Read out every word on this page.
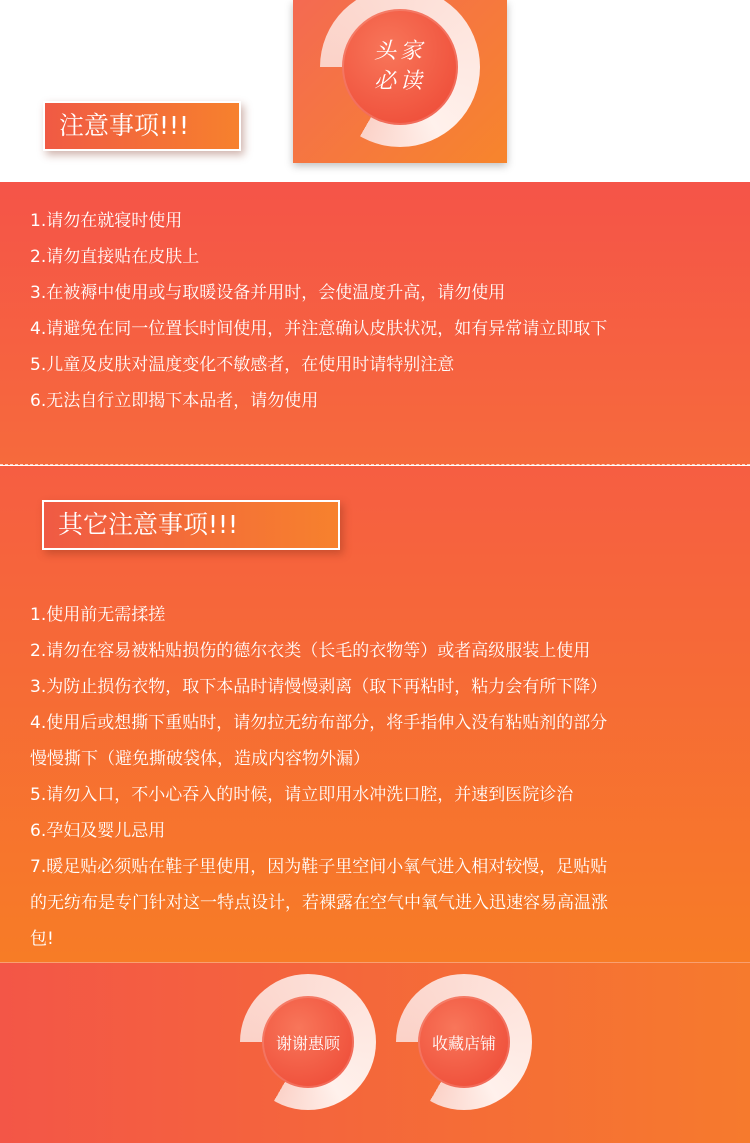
头家
必读
注意事项!!!
1.请勿在就寝时使用
2.请勿直接贴在皮肤上
3.在被褥中使用或与取暖设备并用时，会使温度升高，请勿使用
4.请避免在同一位置长时间使用，并注意确认皮肤状况，如有异常请立即取下
5.儿童及皮肤对温度变化不敏感者，在使用时请特别注意
6.无法自行立即揭下本品者，请勿使用
其它注意事项!!!
1.使用前无需揉搓
2.请勿在容易被粘贴损伤的德尔衣类（长毛的衣物等）或者高级服装上使用
3.为防止损伤衣物，取下本品时请慢慢剥离（取下再粘时，粘力会有所下降）
4.使用后或想撕下重贴时，请勿拉无纺布部分，将手指伸入没有粘贴剂的部分
慢慢撕下（避免撕破袋体，造成内容物外漏）
5.请勿入口，不小心吞入的时候，请立即用水冲洗口腔，并速到医院诊治
6.孕妇及婴儿忌用
7.暖足贴必须贴在鞋子里使用，因为鞋子里空间小氧气进入相对较慢，足贴贴
的无纺布是专门针对这一特点设计，若裸露在空气中氧气进入迅速容易高温涨
包!
谢谢惠顾	收藏店铺
